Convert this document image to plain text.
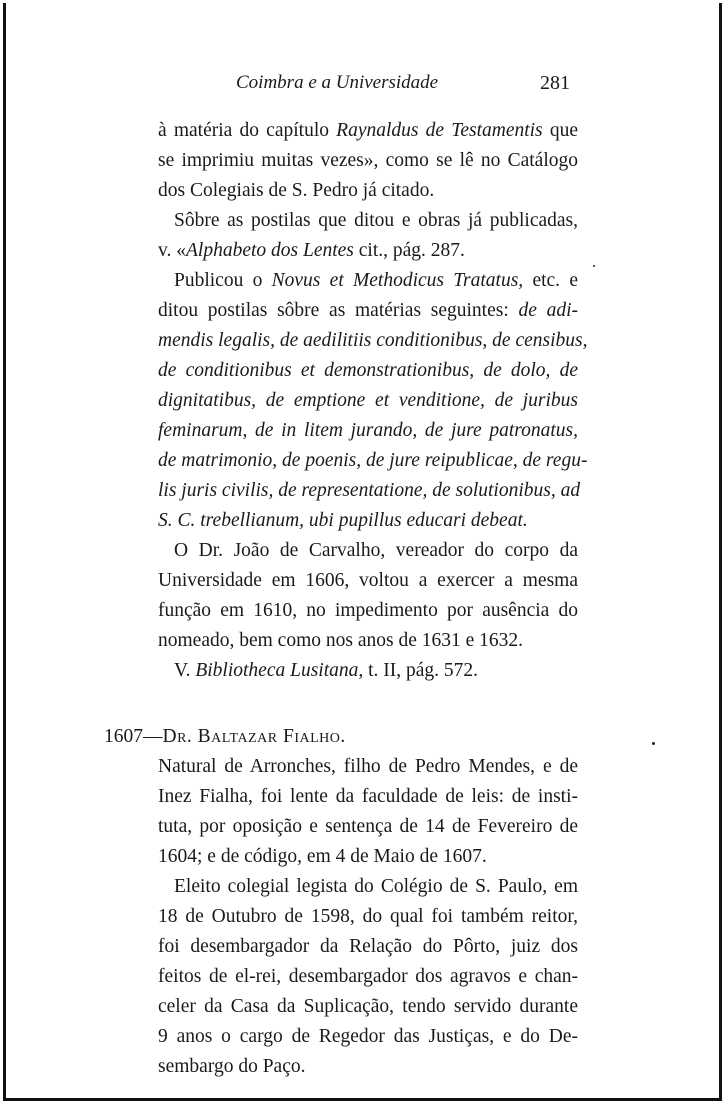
Coimbra e a Universidade	281
à matéria do capítulo Raynaldus de Testamentis que
se imprimiu muitas vezes», como se lê no Catálogo
dos Colegiais de S. Pedro já citado.
Sôbre as postilas que ditou e obras já publicadas,
v. «Alphabeto dos Lentes cit., pág. 287.
Publicou o Novus et Methodicus Tratatus, etc. e
ditou postilas sôbre as matérias seguintes: de adi-
mendis legalis, de aedilitiis conditionibus, de censibus,
de conditionibus et demonstrationibus, de dolo, de
dignitatibus, de emptione et venditione, de juribus
feminarum, de in litem jurando, de jure patronatus,
de matrimonio, de poenis, de jure reipublicae, de regu-
lis juris civilis, de representatione, de solutionibus, ad
S. C. trebellianum, ubi pupillus educari debeat.
O Dr. João de Carvalho, vereador do corpo da
Universidade em 1606, voltou a exercer a mesma
função em 1610, no impedimento por ausência do
nomeado, bem como nos anos de 1631 e 1632.
V. Bibliotheca Lusitana, t. II, pág. 572.
1607—Dr. Baltazar Fialho.
Natural de Arronches, filho de Pedro Mendes, e de
Inez Fialha, foi lente da faculdade de leis: de insti-
tuta, por oposição e sentença de 14 de Fevereiro de
1604; e de código, em 4 de Maio de 1607.
Eleito colegial legista do Colégio de S. Paulo, em
18 de Outubro de 1598, do qual foi também reitor,
foi desembargador da Relação do Pôrto, juiz dos
feitos de el-rei, desembargador dos agravos e chan-
celer da Casa da Suplicação, tendo servido durante
9 anos o cargo de Regedor das Justiças, e do De-
sembargo do Paço.
